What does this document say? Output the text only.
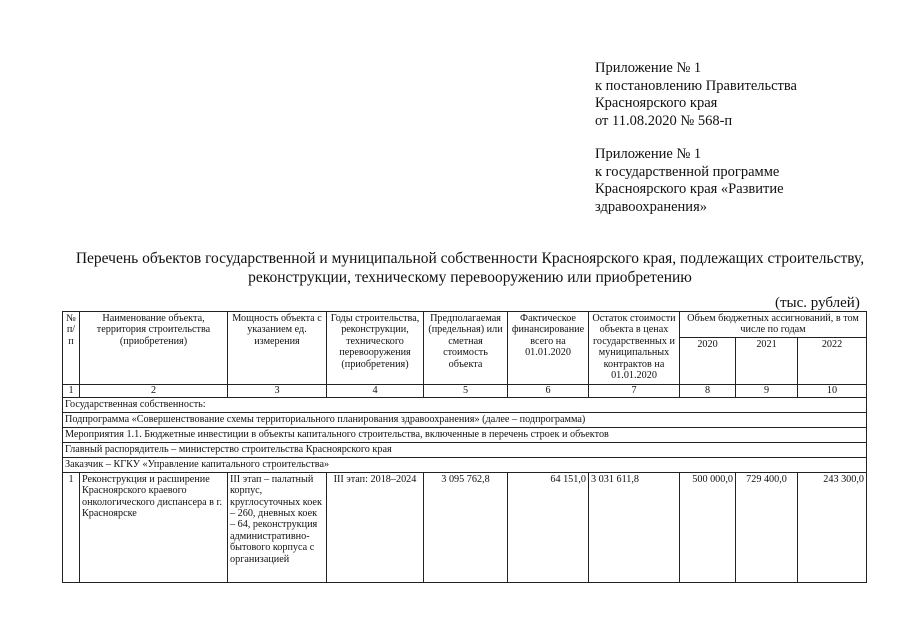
Приложение № 1
к постановлению Правительства
Красноярского края
от 11.08.2020 № 568-п
Приложение № 1
к государственной программе
Красноярского края «Развитие
здравоохранения»
Перечень объектов государственной и муниципальной собственности Красноярского края, подлежащих строительству,
реконструкции, техническому перевооружению или приобретению
(тыс. рублей)
№ п/п	Наименование объекта, территория строительства (приобретения)	Мощность объекта с указанием ед. измерения	Годы строительства, реконструкции, технического перевооружения (приобретения)	Предполагаемая (предельная) или сметная стоимость объекта	Фактическое финансирование всего на 01.01.2020	Остаток стоимости объекта в ценах государственных и муниципальных контрактов на 01.01.2020	Объем бюджетных ассигнований, в том числе по годам		
							2020	2021	2022
1	2	3	4	5	6	7	8	9	10
Государственная собственность:									
Подпрограмма «Совершенствование схемы территориального планирования здравоохранения» (далее – подпрограмма)									
Мероприятия 1.1. Бюджетные инвестиции в объекты капитального строительства, включенные в перечень строек и объектов									
Главный распорядитель – министерство строительства Красноярского края									
Заказчик – КГКУ «Управление капитального строительства»									
1	Реконструкция и расширение Красноярского краевого онкологического диспансера в г. Красноярске	III этап – палатный корпус, круглосуточных коек – 260, дневных коек – 64, реконструкция административно-бытового корпуса с организацией	III этап: 2018–2024	3 095 762,8	64 151,0	3 031 611,8	500 000,0	729 400,0	243 300,0
